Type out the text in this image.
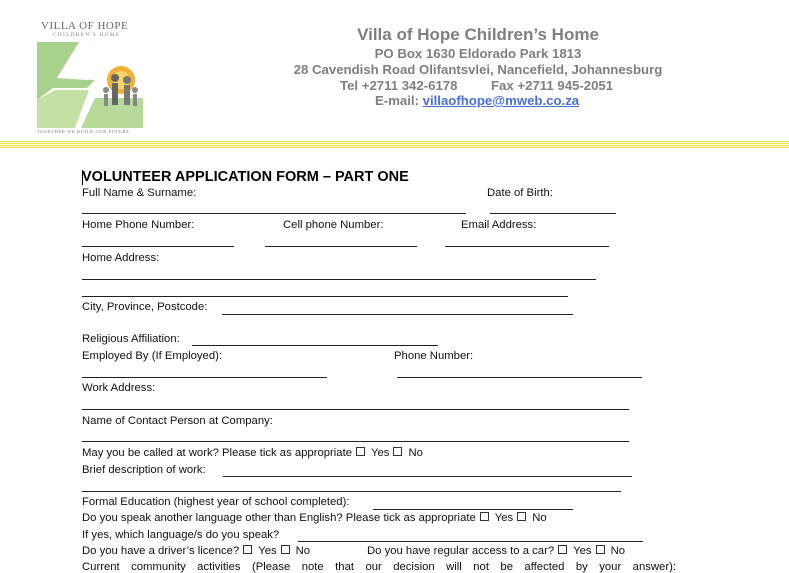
VILLA OF HOPE
CHILDREN'S HOME
TOGETHER WE BUILD OUR FUTURE
Villa of Hope Children’s Home
PO Box 1630 Eldorado Park 1813
28 Cavendish Road Olifantsvlei, Nancefield, Johannesburg
Tel +2711 342-6178	Fax +2711 945-2051
E-mail: villaofhope@mweb.co.za
VOLUNTEER APPLICATION FORM – PART ONE
Full Name & Surname:	Date of Birth:
Home Phone Number:	Cell phone Number:	Email Address:
Home Address:
City, Province, Postcode:
Religious Affiliation:
Employed By (If Employed):	Phone Number:
Work Address:
Name of Contact Person at Company:
May you be called at work? Please tick as appropriate Yes No
Brief description of work:
Formal Education (highest year of school completed):
Do you speak another language other than English? Please tick as appropriate Yes No
If yes, which language/s do you speak?
Do you have a driver’s licence? Yes No	Do you have regular access to a car? Yes No
Current community activities (Please note that our decision will not be affected by your answer):
